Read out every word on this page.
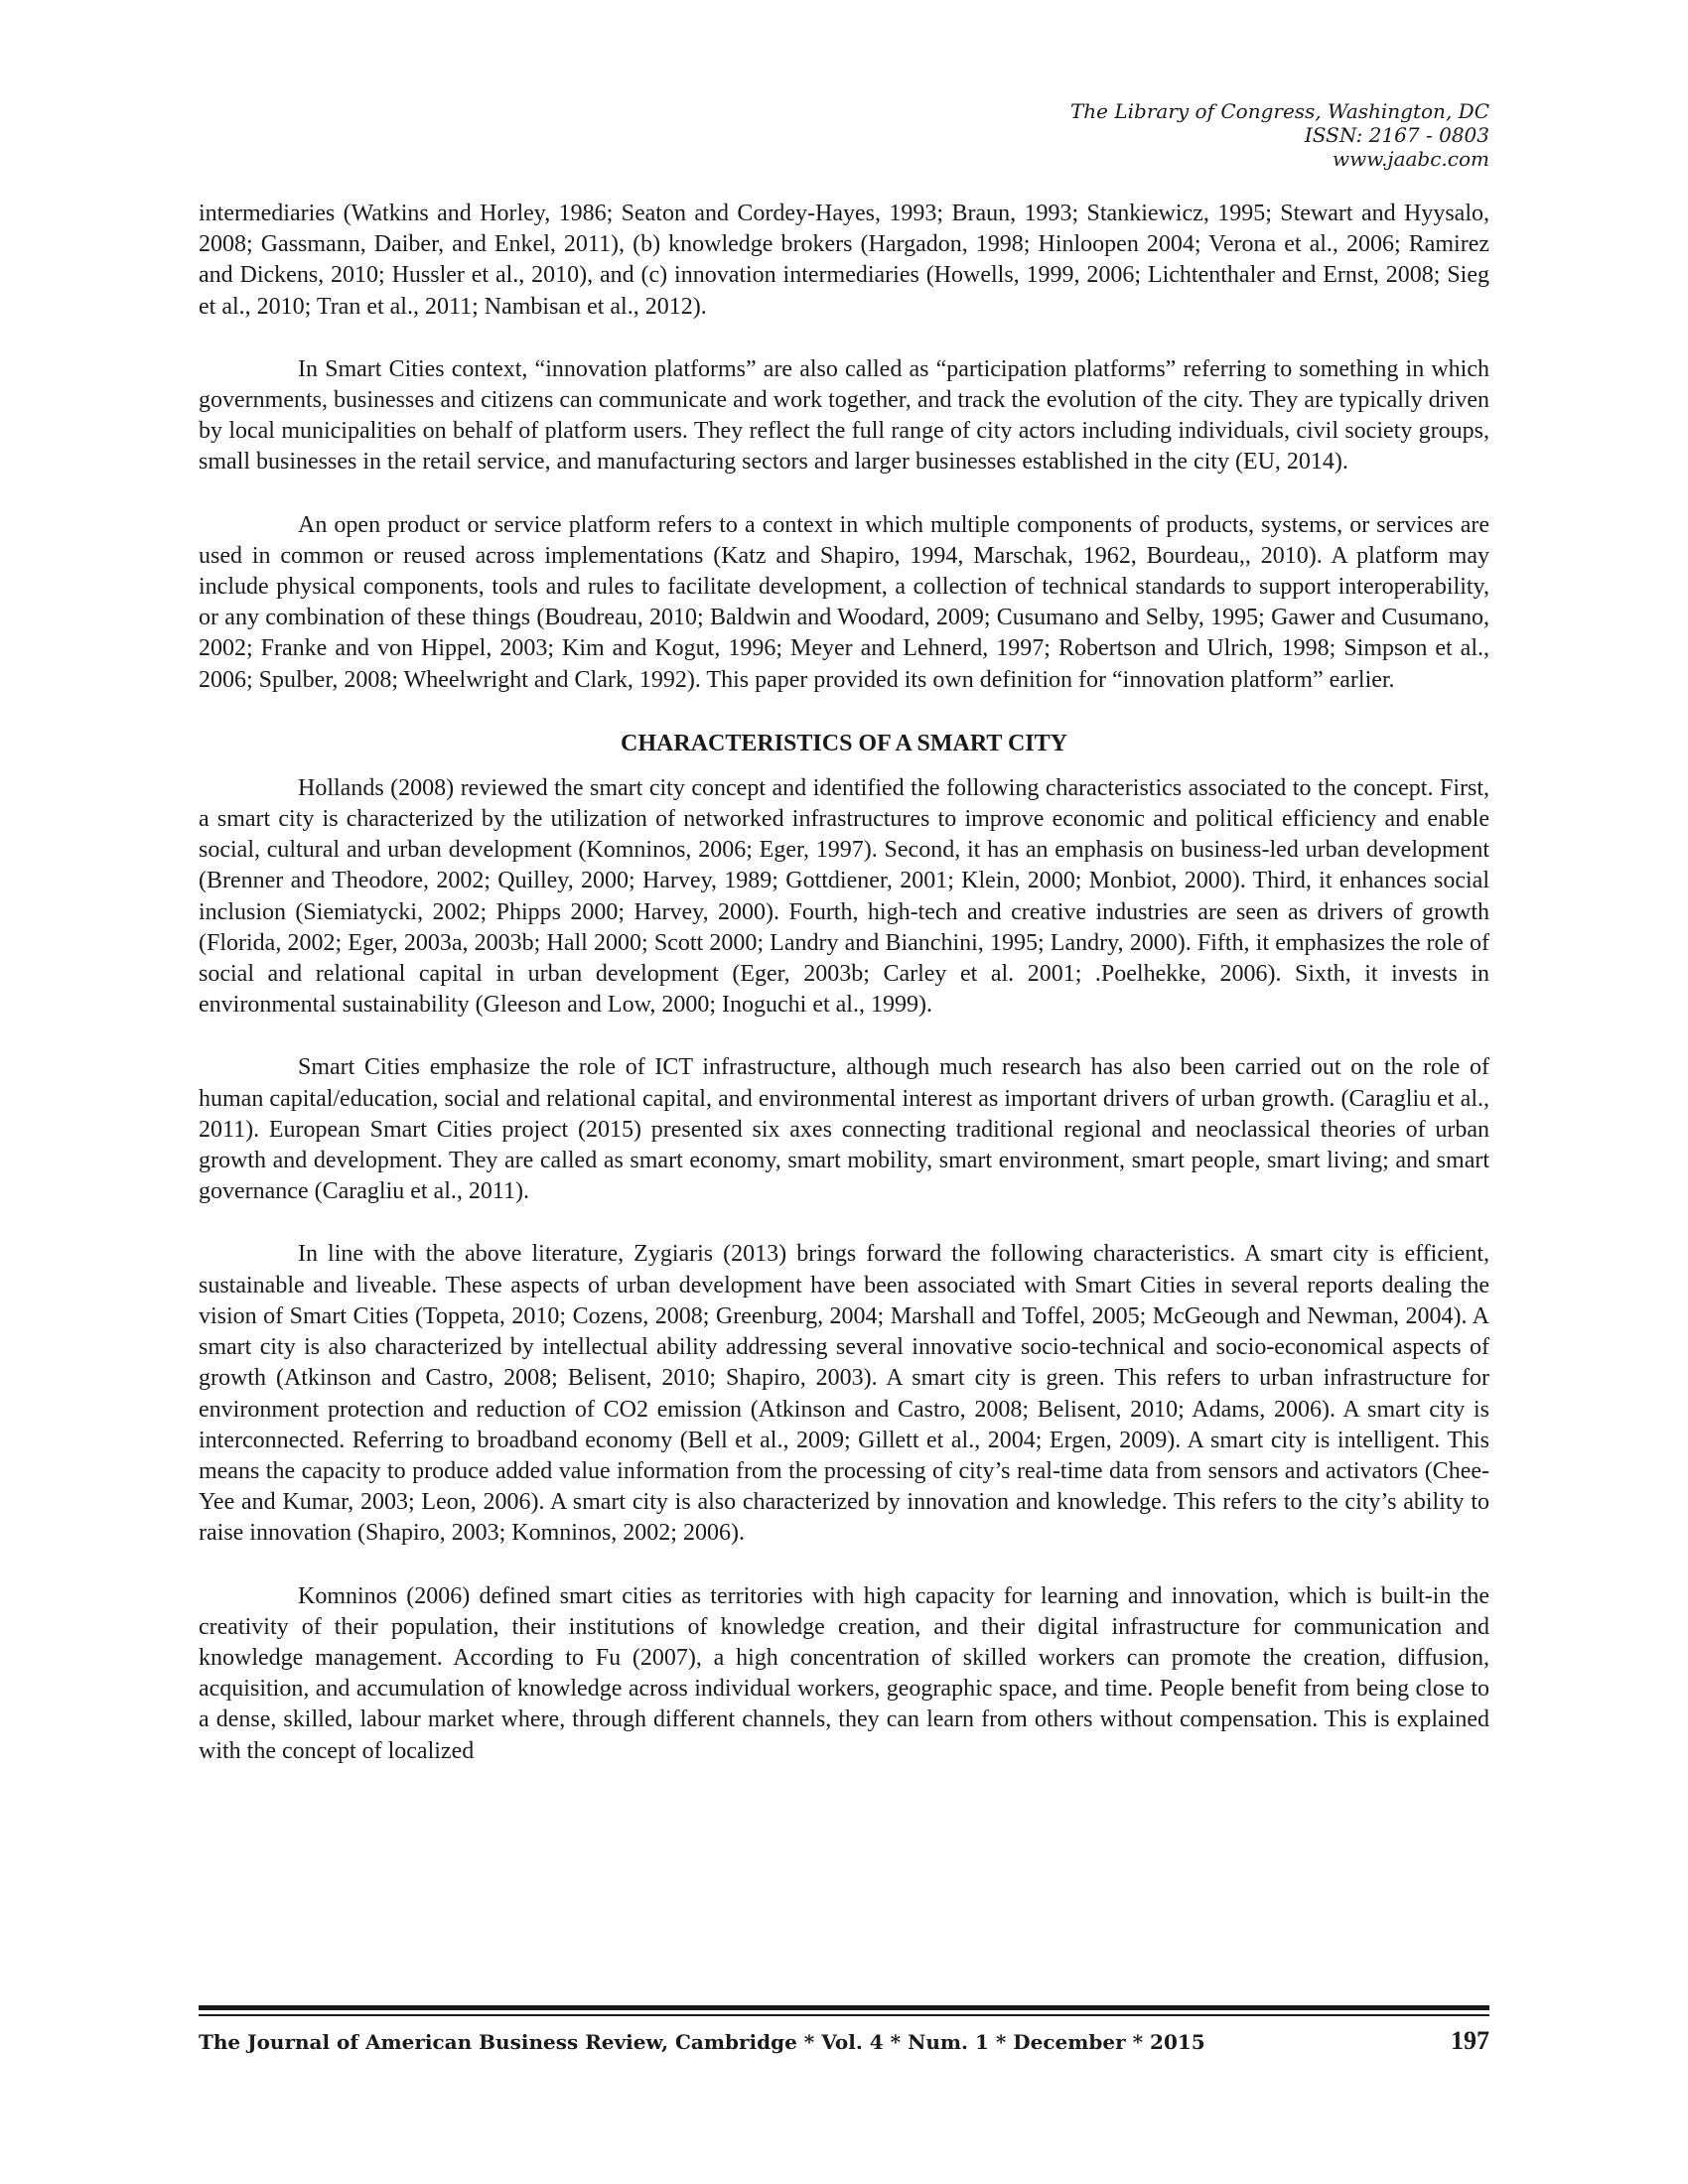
The Library of Congress, Washington, DC
ISSN: 2167 - 0803
www.jaabc.com

intermediaries (Watkins and Horley, 1986; Seaton and Cordey-Hayes, 1993; Braun, 1993; Stankiewicz, 1995; Stewart and Hyysalo, 2008; Gassmann, Daiber, and Enkel, 2011), (b) knowledge brokers (Hargadon, 1998; Hinloopen 2004; Verona et al., 2006; Ramirez and Dickens, 2010; Hussler et al., 2010), and (c) innovation intermediaries (Howells, 1999, 2006; Lichtenthaler and Ernst, 2008; Sieg et al., 2010; Tran et al., 2011; Nambisan et al., 2012).

In Smart Cities context, “innovation platforms” are also called as “participation platforms” referring to something in which governments, businesses and citizens can communicate and work together, and track the evolution of the city. They are typically driven by local municipalities on behalf of platform users. They reflect the full range of city actors including individuals, civil society groups, small businesses in the retail service, and manufacturing sectors and larger businesses established in the city (EU, 2014).

An open product or service platform refers to a context in which multiple components of products, systems, or services are used in common or reused across implementations (Katz and Shapiro, 1994, Marschak, 1962, Bourdeau,, 2010). A platform may include physical components, tools and rules to facilitate development, a collection of technical standards to support interoperability, or any combination of these things (Boudreau, 2010; Baldwin and Woodard, 2009; Cusumano and Selby, 1995; Gawer and Cusumano, 2002; Franke and von Hippel, 2003; Kim and Kogut, 1996; Meyer and Lehnerd, 1997; Robertson and Ulrich, 1998; Simpson et al., 2006; Spulber, 2008; Wheelwright and Clark, 1992). This paper provided its own definition for “innovation platform” earlier.

CHARACTERISTICS OF A SMART CITY

Hollands (2008) reviewed the smart city concept and identified the following characteristics associated to the concept. First, a smart city is characterized by the utilization of networked infrastructures to improve economic and political efficiency and enable social, cultural and urban development (Komninos, 2006; Eger, 1997). Second, it has an emphasis on business-led urban development (Brenner and Theodore, 2002; Quilley, 2000; Harvey, 1989; Gottdiener, 2001; Klein, 2000; Monbiot, 2000). Third, it enhances social inclusion (Siemiatycki, 2002; Phipps 2000; Harvey, 2000). Fourth, high-tech and creative industries are seen as drivers of growth (Florida, 2002; Eger, 2003a, 2003b; Hall 2000; Scott 2000; Landry and Bianchini, 1995; Landry, 2000). Fifth, it emphasizes the role of social and relational capital in urban development (Eger, 2003b; Carley et al. 2001; .Poelhekke, 2006). Sixth, it invests in environmental sustainability (Gleeson and Low, 2000; Inoguchi et al., 1999).

Smart Cities emphasize the role of ICT infrastructure, although much research has also been carried out on the role of human capital/education, social and relational capital, and environmental interest as important drivers of urban growth. (Caragliu et al., 2011). European Smart Cities project (2015) presented six axes connecting traditional regional and neoclassical theories of urban growth and development. They are called as smart economy, smart mobility, smart environment, smart people, smart living; and smart governance (Caragliu et al., 2011).

In line with the above literature, Zygiaris (2013) brings forward the following characteristics. A smart city is efficient, sustainable and liveable. These aspects of urban development have been associated with Smart Cities in several reports dealing the vision of Smart Cities (Toppeta, 2010; Cozens, 2008; Greenburg, 2004; Marshall and Toffel, 2005; McGeough and Newman, 2004). A smart city is also characterized by intellectual ability addressing several innovative socio-technical and socio-economical aspects of growth (Atkinson and Castro, 2008; Belisent, 2010; Shapiro, 2003). A smart city is green. This refers to urban infrastructure for environment protection and reduction of CO2 emission (Atkinson and Castro, 2008; Belisent, 2010; Adams, 2006). A smart city is interconnected. Referring to broadband economy (Bell et al., 2009; Gillett et al., 2004; Ergen, 2009). A smart city is intelligent. This means the capacity to produce added value information from the processing of city’s real-time data from sensors and activators (Chee-Yee and Kumar, 2003; Leon, 2006). A smart city is also characterized by innovation and knowledge. This refers to the city’s ability to raise innovation (Shapiro, 2003; Komninos, 2002; 2006).

Komninos (2006) defined smart cities as territories with high capacity for learning and innovation, which is built-in the creativity of their population, their institutions of knowledge creation, and their digital infrastructure for communication and knowledge management. According to Fu (2007), a high concentration of skilled workers can promote the creation, diffusion, acquisition, and accumulation of knowledge across individual workers, geographic space, and time. People benefit from being close to a dense, skilled, labour market where, through different channels, they can learn from others without compensation. This is explained with the concept of localized

The Journal of American Business Review, Cambridge * Vol. 4 * Num. 1 * December * 2015	197
